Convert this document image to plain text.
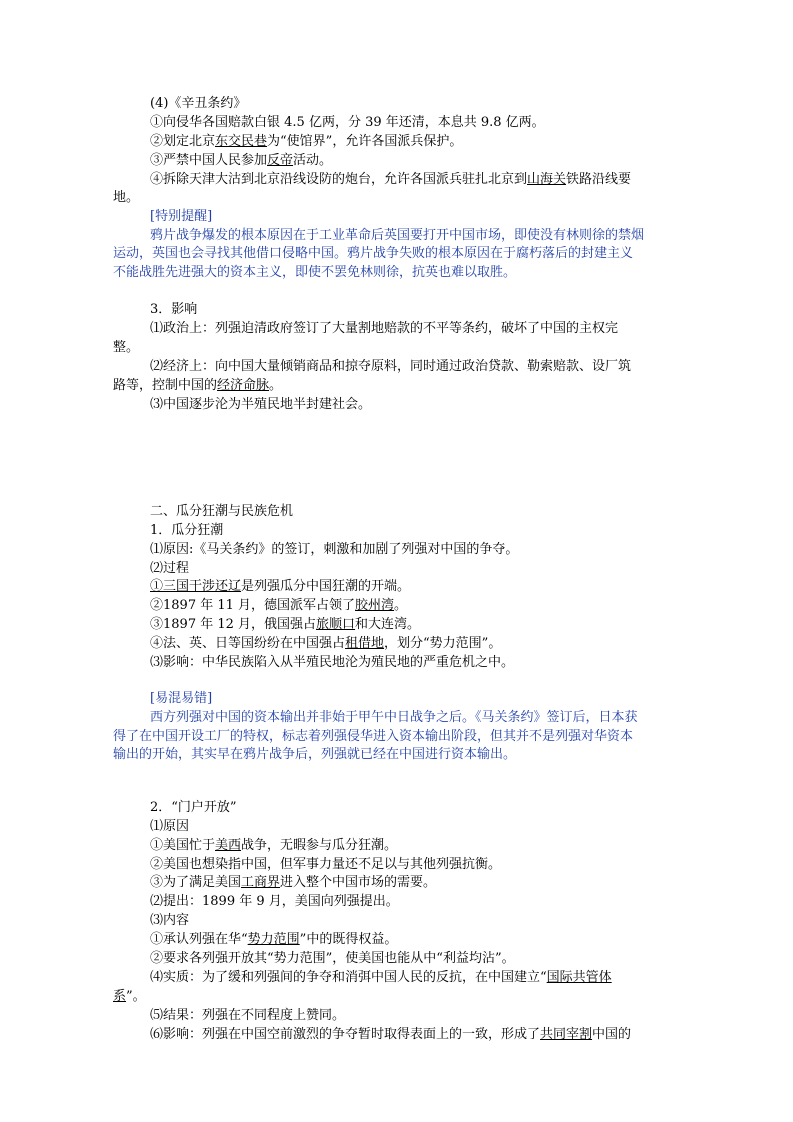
(4)《辛丑条约》
①向侵华各国赔款白银 4.5 亿两，分 39 年还清，本息共 9.8 亿两。
②划定北京东交民巷为“使馆界”，允许各国派兵保护。
③严禁中国人民参加反帝活动。
④拆除天津大沽到北京沿线设防的炮台，允许各国派兵驻扎北京到山海关铁路沿线要
地。
[特别提醒]
鸦片战争爆发的根本原因在于工业革命后英国要打开中国市场，即使没有林则徐的禁烟
运动，英国也会寻找其他借口侵略中国。鸦片战争失败的根本原因在于腐朽落后的封建主义
不能战胜先进强大的资本主义，即使不罢免林则徐，抗英也难以取胜。
3．影响
⑴政治上：列强迫清政府签订了大量割地赔款的不平等条约，破坏了中国的主权完
整。
⑵经济上：向中国大量倾销商品和掠夺原料，同时通过政治贷款、勒索赔款、设厂筑
路等，控制中国的经济命脉。
⑶中国逐步沦为半殖民地半封建社会。
二、瓜分狂潮与民族危机
1．瓜分狂潮
⑴原因:《马关条约》的签订，刺激和加剧了列强对中国的争夺。
⑵过程
①三国干涉还辽是列强瓜分中国狂潮的开端。
②1897 年 11 月，德国派军占领了胶州湾。
③1897 年 12 月，俄国强占旅顺口和大连湾。
④法、英、日等国纷纷在中国强占租借地，划分“势力范围”。
⑶影响：中华民族陷入从半殖民地沦为殖民地的严重危机之中。
[易混易错]
西方列强对中国的资本输出并非始于甲午中日战争之后。《马关条约》签订后，日本获
得了在中国开设工厂的特权，标志着列强侵华进入资本输出阶段，但其并不是列强对华资本
输出的开始，其实早在鸦片战争后，列强就已经在中国进行资本输出。
2．“门户开放”
⑴原因
①美国忙于美西战争，无暇参与瓜分狂潮。
②美国也想染指中国，但军事力量还不足以与其他列强抗衡。
③为了满足美国工商界进入整个中国市场的需要。
⑵提出：1899 年 9 月，美国向列强提出。
⑶内容
①承认列强在华“势力范围”中的既得权益。
②要求各列强开放其“势力范围”，使美国也能从中“利益均沾”。
⑷实质：为了缓和列强间的争夺和消弭中国人民的反抗，在中国建立“国际共管体
系”。
⑸结果：列强在不同程度上赞同。
⑹影响：列强在中国空前激烈的争夺暂时取得表面上的一致，形成了共同宰割中国的
